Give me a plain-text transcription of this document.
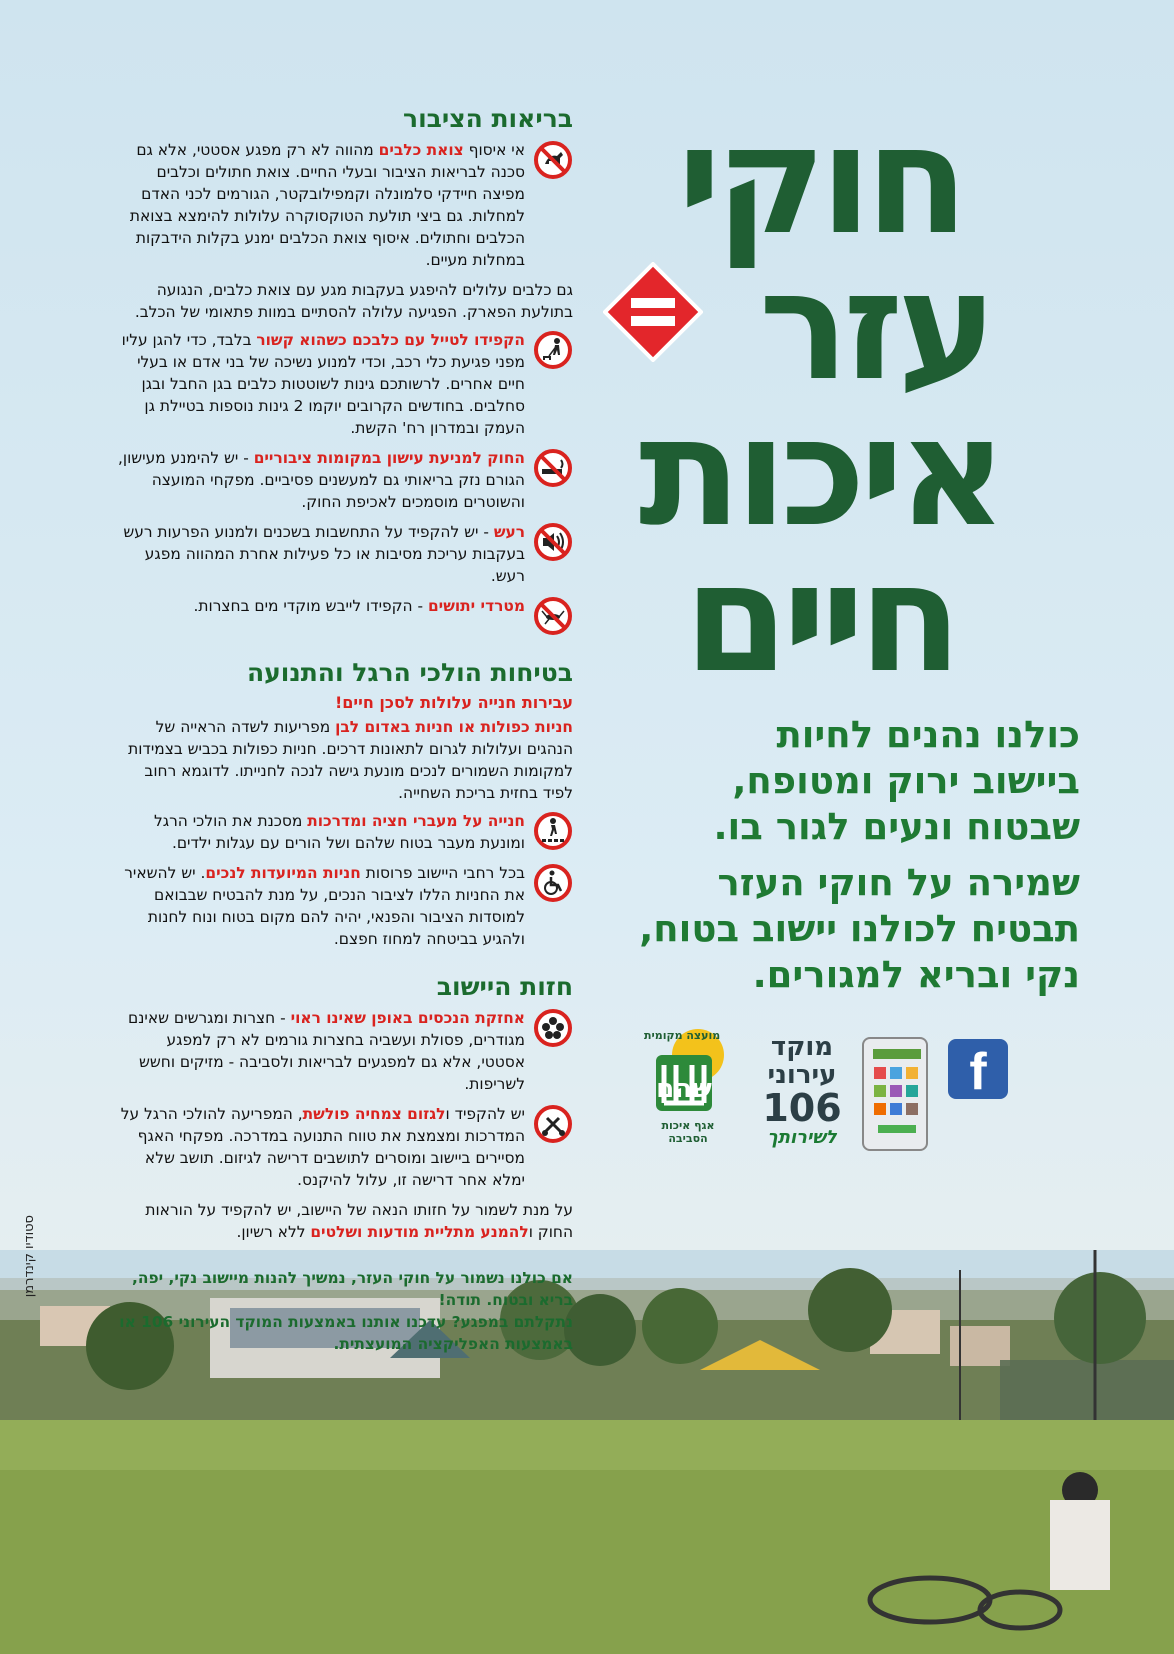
חוקי
עזר
איכות
חיים

כולנו נהנים לחיות
ביישוב ירוק ומטופח,
שבטוח ונעים לגור בו.

שמירה על חוקי העזר
תבטיח לכולנו יישוב בטוח,
נקי ובריא למגורים.

f
מוקד
עירוני
106
לשירותך
שהם
מועצה מקומית
אגף איכות הסביבה
בריאות הציבור

אי איסוף צואת כלבים מהווה לא רק מפגע אסטטי, אלא גם סכנה לבריאות הציבור ובעלי החיים. צואת חתולים וכלבים מפיצה חיידקי סלמונלה וקמפילובקטר, הגורמים לכני האדם למחלות. גם ביצי תולעת הטוקסוקרה עלולות להימצא בצואת הכלבים וחתולים. איסוף צואת הכלבים ימנע בקלות הידבקות במחלות מעיים.

גם כלבים עלולים להיפגע בעקבות מגע עם צואת כלבים, הנגועה בתולעת הפארק. הפגיעה עלולה להסתיים במוות פתאומי של הכלב.

הקפידו לטייל עם כלבכם כשהוא קשור בלבד, כדי להגן עליו מפני פגיעת כלי רכב, וכדי למנוע נשיכה של בני אדם או בעלי חיים אחרים. לרשותכם גינות לשוטטות כלבים בגן החבל ובגן סחלבים. בחודשים הקרובים יוקמו 2 גינות נוספות בטיילת גן העמק ובמדרון רח' הקשת.

החוק למניעת עישון במקומות ציבוריים - יש להימנע מעישון, הגורם נזק בריאותי גם למעשנים פסיביים. מפקחי המועצה והשוטרים מוסמכים לאכיפת החוק.

רעש - יש להקפיד על התחשבות בשכנים ולמנוע הפרעות רעש בעקבות עריכת מסיבות או כל פעילות אחרת המהווה מפגע רעש.

מטרדי יתושים - הקפידו לייבש מוקדי מים בחצרות.

בטיחות הולכי הרגל והתנועה

עבירות חנייה עלולות לסכן חיים!

חניות כפולות או חניות באדום לבן מפריעות לשדה הראייה של הנהגים ועלולות לגרום לתאונות דרכים. חניות כפולות בכביש בצמידות למקומות השמורים לנכים מונעת גישה לנכה לחנייתו. לדוגמא רחוב לפיד בחזית בריכת השחייה.

חנייה על מעברי חציה ומדרכות מסכנת את הולכי הרגל ומונעת מעבר בטוח שלהם ושל הורים עם עגלות ילדים.

בכל רחבי היישוב פרוסות חניות המיועדות לנכים. יש להשאיר את החניות הללו לציבור הנכים, על מנת להבטיח שבבואם למוסדות הציבור והפנאי, יהיה להם מקום בטוח ונוח לחנות ולהגיע בביטחה למחוז חפצם.

חזות היישוב

אחזקת הנכסים באופן שאינו ראוי - חצרות ומגרשים שאינם מגודרים, פסולת ועשביה בחצרות גורמים לא רק למפגע אסטטי, אלא גם למפגעים לבריאות ולסביבה - מזיקים וחשש לשריפות.

יש להקפיד ולגזום צמחיה פולשת, המפריעה להולכי הרגל על המדרכות ומצמצת את טווח התנועה במדרכה. מפקחי האגף מסיירים ביישוב ומוסרים לתושבים דרישה לגיזום. תושב שלא ימלא אחר דרישה זו, עלול להיקנס.

על מנת לשמור על חזותו הנאה של היישוב, יש להקפיד על הוראות החוק ולהמנע מתליית מודעות ושלטים ללא רשיון.

אם כולנו נשמור על חוקי העזר, נמשיך להנות מיישוב נקי, יפה, בריא ובטוח. תודה!

נתקלתם במפגע? עדכנו אותנו באמצעות המוקד העירוני 106 או באמצעות האפליקציה המועצתית.

סטודיו קינדרמן
